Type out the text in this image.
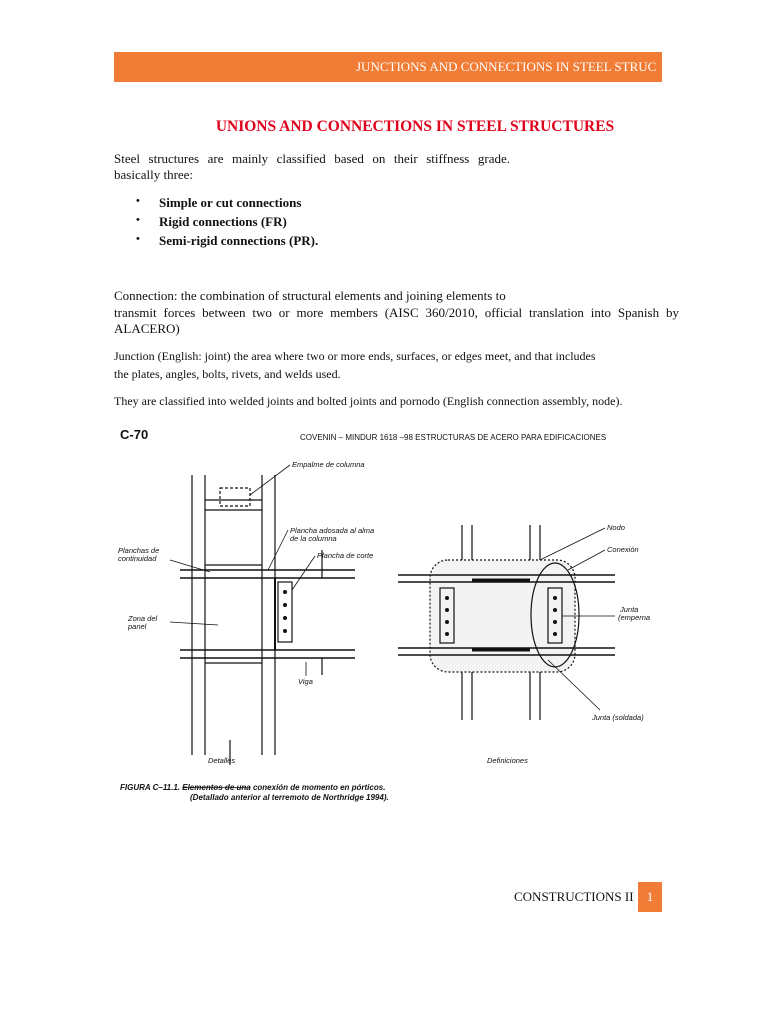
JUNCTIONS AND CONNECTIONS IN STEEL STRUC
UNIONS AND CONNECTIONS IN STEEL STRUCTURES
Steel structures are mainly classified based on their stiffness grade.
basically three:
• Simple or cut connections
• Rigid connections (FR)
• Semi-rigid connections (PR).
Connection: the combination of structural elements and joining elements to
transmit forces between two or more members (AISC 360/2010, official translation into Spanish by
ALACERO)
Junction (English: joint) the area where two or more ends, surfaces, or edges meet, and that includes
the plates, angles, bolts, rivets, and welds used.
They are classified into welded joints and bolted joints and pornodo (English connection assembly, node).
C-70	COVENIN – MINDUR 1618 –98 ESTRUCTURAS DE ACERO PARA EDIFICACIONES
Empalme de columna
Plancha adosada al alma
de la columna
Plancha de corte
Planchas de
continuidad
Zona del
panel
Viga
Detalles
Nodo
Conexión
Junta
(emperna
Junta (soldada)
Definiciones
FIGURA C–11.1. Elementos de una conexión de momento en pórticos.
(Detallado anterior al terremoto de Northridge 1994).
CONSTRUCTIONS II	1
